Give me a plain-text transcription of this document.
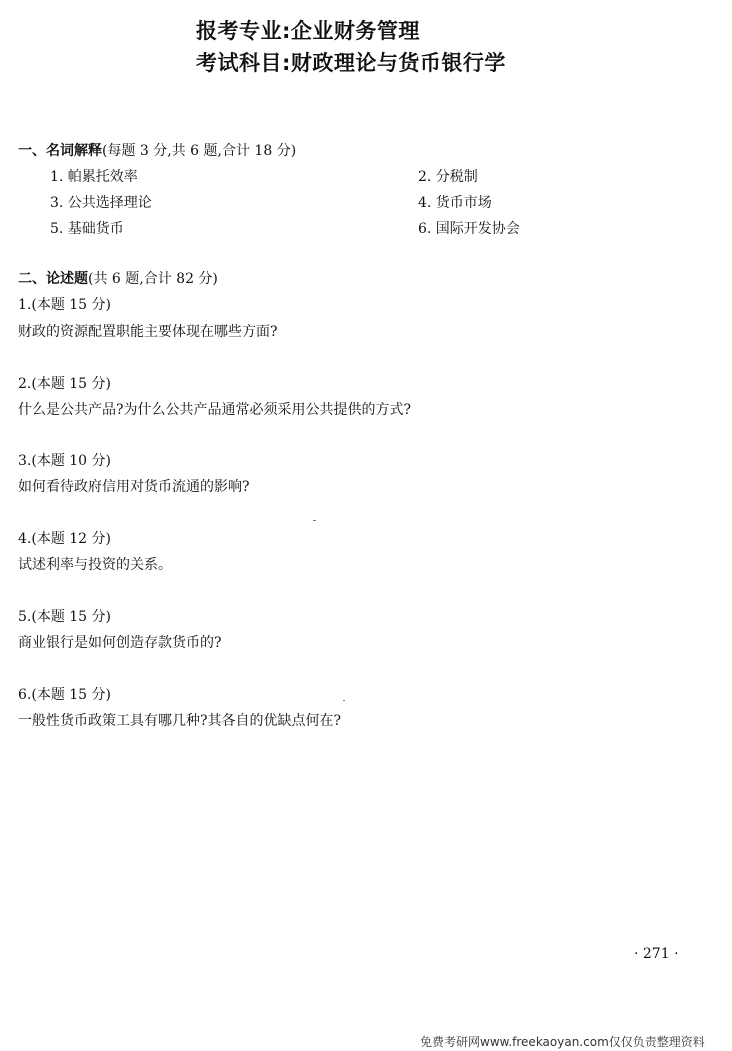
报考专业:企业财务管理
考试科目:财政理论与货币银行学
一、名词解释(每题 3 分,共 6 题,合计 18 分)
1. 帕累托效率	2. 分税制
3. 公共选择理论	4. 货币市场
5. 基础货币	6. 国际开发协会
二、论述题(共 6 题,合计 82 分)
1.(本题 15 分)
财政的资源配置职能主要体现在哪些方面?
2.(本题 15 分)
什么是公共产品?为什么公共产品通常必须采用公共提供的方式?
3.(本题 10 分)
如何看待政府信用对货币流通的影响?
4.(本题 12 分)
试述利率与投资的关系。
5.(本题 15 分)
商业银行是如何创造存款货币的?
6.(本题 15 分)
一般性货币政策工具有哪几种?其各自的优缺点何在?
· 271 ·
免费考研网www.freekaoyan.com仅仅负责整理资料
